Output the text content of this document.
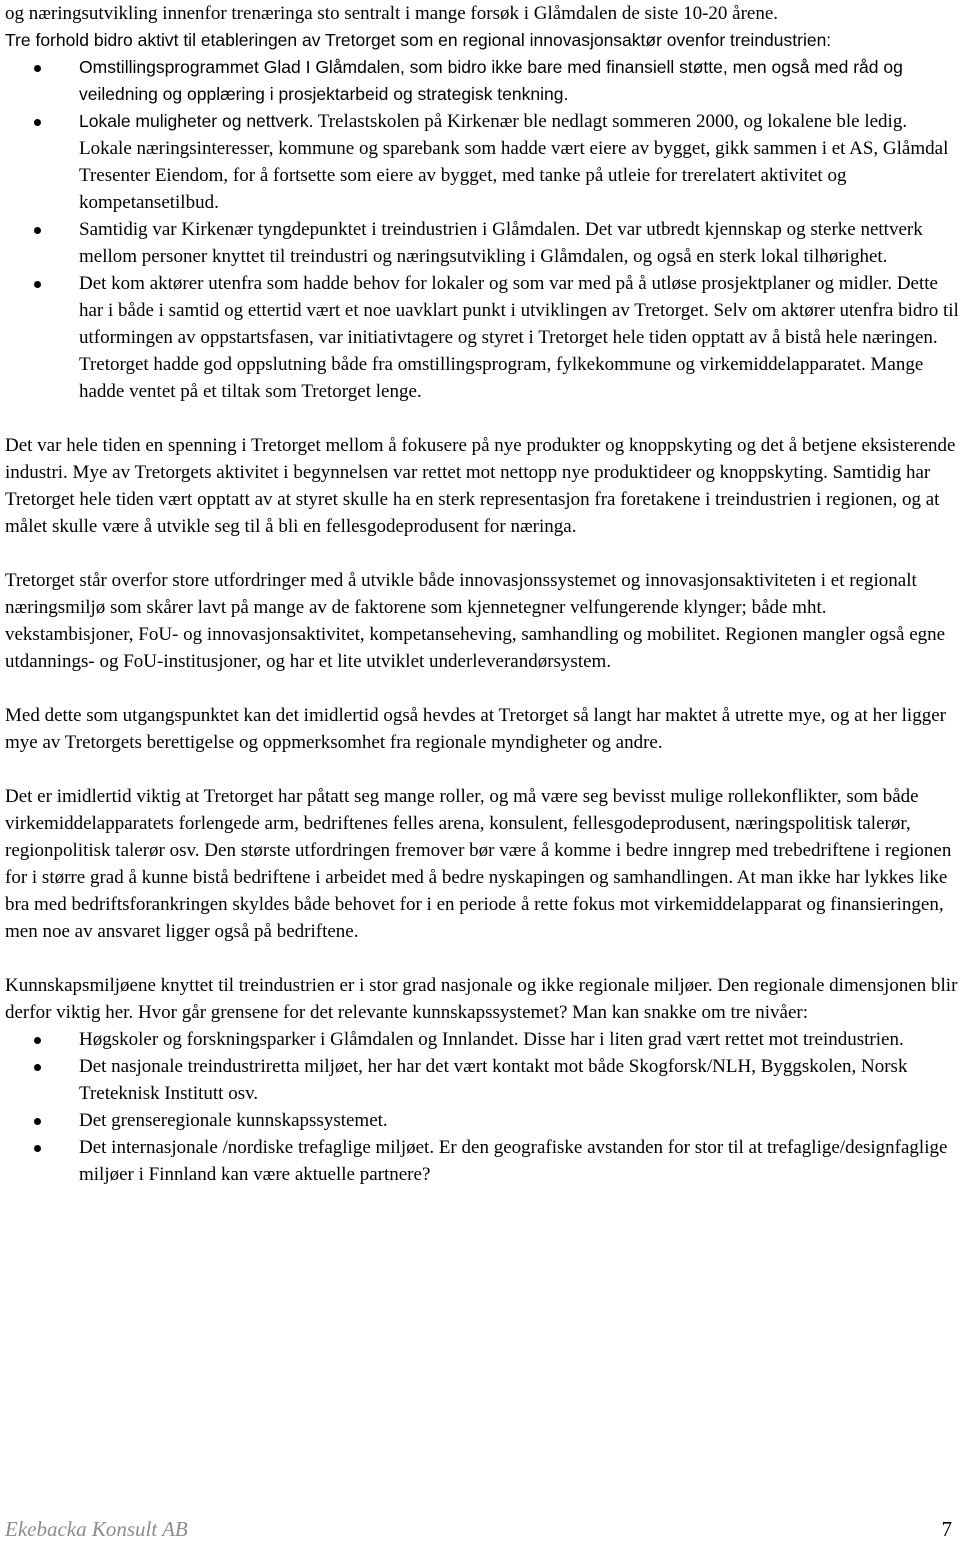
og næringsutvikling innenfor trenæringa sto sentralt i mange forsøk i Glåmdalen de siste 10-20 årene.

Tre forhold bidro aktivt til etableringen av Tretorget som en regional innovasjonsaktør ovenfor treindustrien:

Omstillingsprogrammet Glad I Glåmdalen, som bidro ikke bare med finansiell støtte, men også med råd og veiledning og opplæring i prosjektarbeid og strategisk tenkning.
Lokale muligheter og nettverk. Trelastskolen på Kirkenær ble nedlagt sommeren 2000, og lokalene ble ledig. Lokale næringsinteresser, kommune og sparebank som hadde vært eiere av bygget, gikk sammen i et AS, Glåmdal Tresenter Eiendom, for å fortsette som eiere av bygget, med tanke på utleie for trerelatert aktivitet og kompetansetilbud.
Samtidig var Kirkenær tyngdepunktet i treindustrien i Glåmdalen. Det var utbredt kjennskap og sterke nettverk mellom personer knyttet til treindustri og næringsutvikling i Glåmdalen, og også en sterk lokal tilhørighet.
Det kom aktører utenfra som hadde behov for lokaler og som var med på å utløse prosjektplaner og midler. Dette har i både i samtid og ettertid vært et noe uavklart punkt i utviklingen av Tretorget. Selv om aktører utenfra bidro til utformingen av oppstartsfasen, var initiativtagere og styret i Tretorget hele tiden opptatt av å bistå hele næringen. Tretorget hadde god oppslutning både fra omstillingsprogram, fylkekommune og virkemiddelapparatet. Mange hadde ventet på et tiltak som Tretorget lenge.

Det var hele tiden en spenning i Tretorget mellom å fokusere på nye produkter og knoppskyting og det å betjene eksisterende industri. Mye av Tretorgets aktivitet i begynnelsen var rettet mot nettopp nye produktideer og knoppskyting. Samtidig har Tretorget hele tiden vært opptatt av at styret skulle ha en sterk representasjon fra foretakene i treindustrien i regionen, og at målet skulle være å utvikle seg til å bli en fellesgodeprodusent for næringa.

Tretorget står overfor store utfordringer med å utvikle både innovasjonssystemet og innovasjonsaktiviteten i et regionalt næringsmiljø som skårer lavt på mange av de faktorene som kjennetegner velfungerende klynger; både mht. vekstambisjoner, FoU- og innovasjonsaktivitet, kompetanseheving, samhandling og mobilitet. Regionen mangler også egne utdannings- og FoU-institusjoner, og har et lite utviklet underleverandørsystem.

Med dette som utgangspunktet kan det imidlertid også hevdes at Tretorget så langt har maktet å utrette mye, og at her ligger mye av Tretorgets berettigelse og oppmerksomhet fra regionale myndigheter og andre.

Det er imidlertid viktig at Tretorget har påtatt seg mange roller, og må være seg bevisst mulige rollekonflikter, som både virkemiddelapparatets forlengede arm, bedriftenes felles arena, konsulent, fellesgodeprodusent, næringspolitisk talerør, regionpolitisk talerør osv. Den største utfordringen fremover bør være å komme i bedre inngrep med trebedriftene i regionen for i større grad å kunne bistå bedriftene i arbeidet med å bedre nyskapingen og samhandlingen. At man ikke har lykkes like bra med bedriftsforankringen skyldes både behovet for i en periode å rette fokus mot virkemiddelapparat og finansieringen, men noe av ansvaret ligger også på bedriftene.

Kunnskapsmiljøene knyttet til treindustrien er i stor grad nasjonale og ikke regionale miljøer. Den regionale dimensjonen blir derfor viktig her. Hvor går grensene for det relevante kunnskapssystemet? Man kan snakke om tre nivåer:

Høgskoler og forskningsparker i Glåmdalen og Innlandet. Disse har i liten grad vært rettet mot treindustrien.
Det nasjonale treindustriretta miljøet, her har det vært kontakt mot både Skogforsk/NLH, Byggskolen, Norsk Treteknisk Institutt osv.
Det grenseregionale kunnskapssystemet.
Det internasjonale /nordiske trefaglige miljøet. Er den geografiske avstanden for stor til at trefaglige/designfaglige miljøer i Finnland kan være aktuelle partnere?
Ekebacka Konsult AB	7
